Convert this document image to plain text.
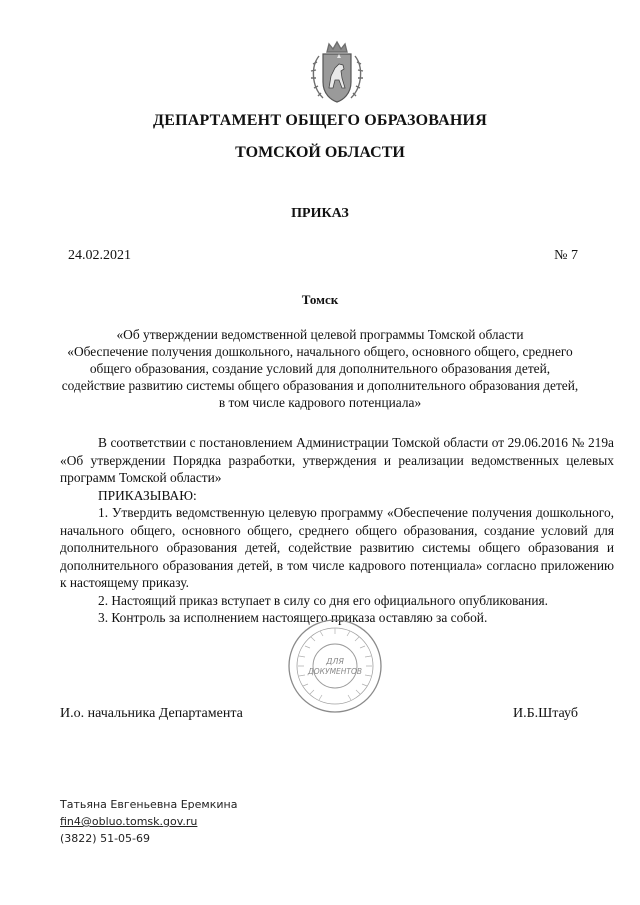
ДЕПАРТАМЕНТ ОБЩЕГО ОБРАЗОВАНИЯ
ТОМСКОЙ ОБЛАСТИ
ПРИКАЗ
24.02.2021	№ 7
Томск
«Об утверждении ведомственной целевой программы Томской области
«Обеспечение получения дошкольного, начального общего, основного общего, среднего
общего образования, создание условий для дополнительного образования детей,
содействие развитию системы общего образования и дополнительного образования детей,
в том числе кадрового потенциала»

В соответствии с постановлением Администрации Томской области от 29.06.2016 № 219а «Об утверждении Порядка разработки, утверждения и реализации ведомственных целевых программ Томской области»

ПРИКАЗЫВАЮ:

1. Утвердить ведомственную целевую программу «Обеспечение получения дошкольного, начального общего, основного общего, среднего общего образования, создание условий для дополнительного образования детей, содействие развитию системы общего образования и дополнительного образования детей, в том числе кадрового потенциала» согласно приложению к настоящему приказу.

2. Настоящий приказ вступает в силу со дня его официального опубликования.

3. Контроль за исполнением настоящего приказа оставляю за собой.

ДЛЯ
ДОКУМЕНТОВ
И.о. начальника Департамента	И.Б.Штауб
Татьяна Евгеньевна Еремкина
fin4@obluo.tomsk.gov.ru
(3822) 51-05-69
